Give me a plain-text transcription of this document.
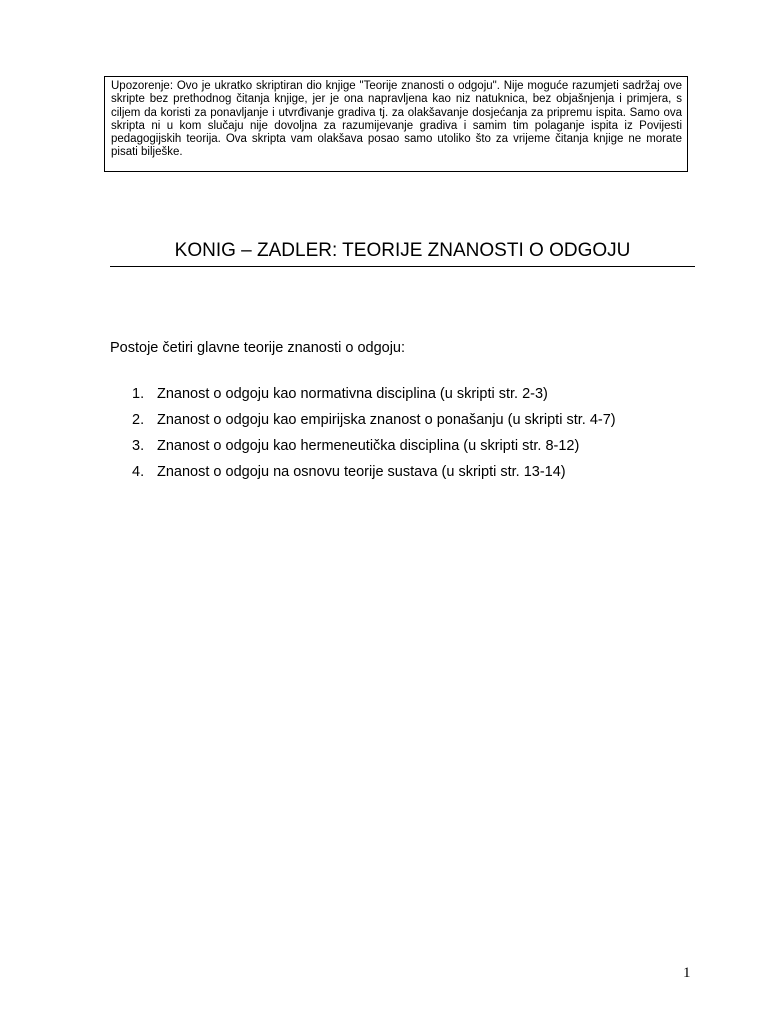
Upozorenje: Ovo je ukratko skriptiran dio knjige "Teorije znanosti o odgoju". Nije moguće razumjeti sadržaj ove skripte bez prethodnog čitanja knjige, jer je ona napravljena kao niz natuknica, bez objašnjenja i primjera, s ciljem da koristi za ponavljanje i utvrđivanje gradiva tj. za olakšavanje dosjećanja za pripremu ispita. Samo ova skripta ni u kom slučaju nije dovoljna za razumijevanje gradiva i samim tim polaganje ispita iz Povijesti pedagogijskih teorija. Ova skripta vam olakšava posao samo utoliko što za vrijeme čitanja knjige ne morate pisati bilješke.
KONIG – ZADLER: TEORIJE ZNANOSTI O ODGOJU

Postoje četiri glavne teorije znanosti o odgoju:

1. Znanost o odgoju kao normativna disciplina (u skripti str. 2-3)
2. Znanost o odgoju kao empirijska znanost o ponašanju (u skripti str. 4-7)
3. Znanost o odgoju kao hermeneutička disciplina (u skripti str. 8-12)
4. Znanost o odgoju na osnovu teorije sustava (u skripti str. 13-14)
1
